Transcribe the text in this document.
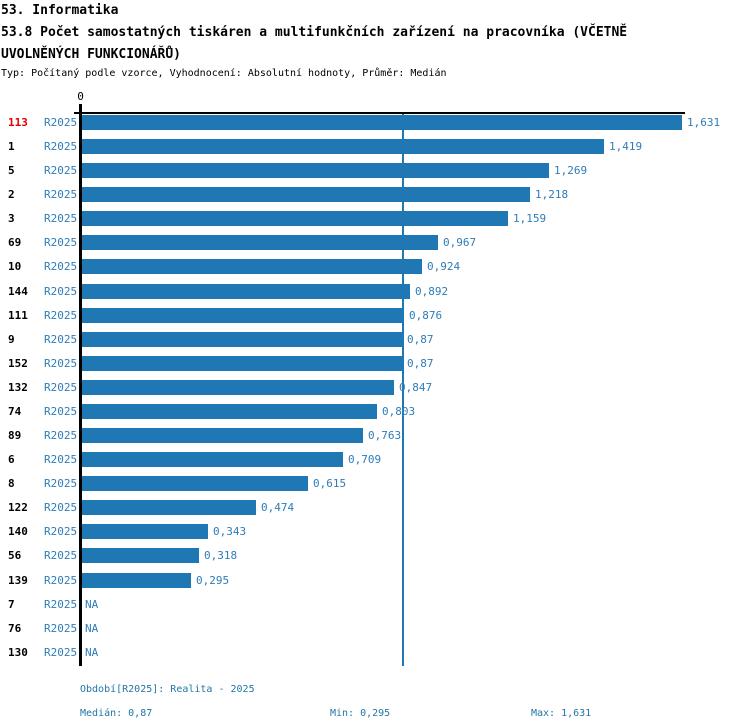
53. Informatika
53.8 Počet samostatných tiskáren a multifunkčních zařízení na pracovníka (VČETNĚ
UVOLNĚNÝCH FUNKCIONÁŘŮ)
Typ: Počítaný podle vzorce, Vyhodnocení: Absolutní hodnoty, Průměr: Medián
0
113 R2025	1,631
1	R2025	1,419
5	R2025	1,269
2	R2025	1,218
3	R2025	1,159
69 R2025	0,967
10 R2025	0,924
144 R2025	0,892
111 R2025	0,876
9	R2025	0,87
152 R2025	0,87
132 R2025	0,847
74 R2025	0,803
89 R2025	0,763
6	R2025	0,709
8	R2025	0,615
122 R2025	0,474
140 R2025	0,343
56 R2025	0,318
139 R2025	0,295
7	R2025 NA
76 R2025 NA
130 R2025 NA
Období[R2025]: Realita - 2025
Medián: 0,87	Min: 0,295	Max: 1,631
